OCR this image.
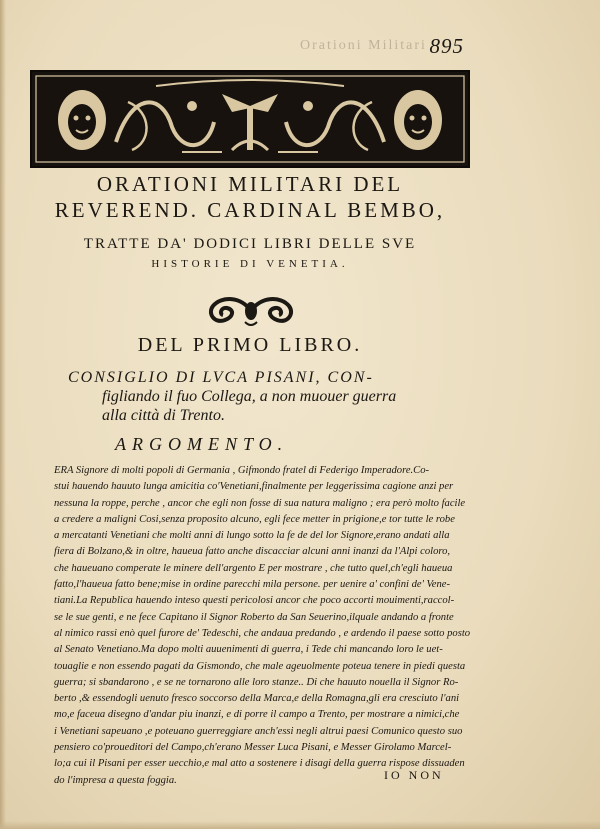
Orationi Militari 895
ORATIONI MILITARI DEL
REVEREND. CARDINAL BEMBO,
TRATTE DA' DODICI LIBRI DELLE SVE
HISTORIE DI VENETIA.
DEL PRIMO LIBRO.
CONSIGLIO DI LVCA PISANI, CON-
figliando il fuo Collega, a non muouer guerra
alla città di Trento.
ARGOMENTO.
ERA Signore di molti popoli di Germania , Gifmondo fratel di Federigo Imperadore.Co-
stui hauendo hauuto lunga amicitia co'Venetiani,finalmente per leggerissima cagione anzi per
nessuna la roppe, perche , ancor che egli non fosse di sua natura maligno ; era però molto facile
a credere a maligni Cosi,senza proposito alcuno, egli fece metter in prigione,e tor tutte le robe
a mercatanti Venetiani che molti anni di lungo sotto la fe de del lor Signore,erano andati alla
fiera di Bolzano,& in oltre, haueua fatto anche discacciar alcuni anni inanzi da l'Alpi coloro,
che haueuano comperate le minere dell'argento E per mostrare , che tutto quel,ch'egli haueua
fatto,l'haueua fatto bene;mise in ordine parecchi mila persone. per uenire a' confini de' Vene-
tiani.La Republica hauendo inteso questi pericolosi ancor che poco accorti mouimenti,raccol-
se le sue genti, e ne fece Capitano il Signor Roberto da San Seuerino,ilquale andando a fronte
al nimico rassi enò quel furore de' Tedeschi, che andaua predando , e ardendo il paese sotto posto
al Senato Venetiano.Ma dopo molti auuenimenti di guerra, i Tede chi mancando loro le uet-
touaglie e non essendo pagati da Gismondo, che male ageuolmente poteua tenere in piedi questa
guerra; si sbandarono , e se ne tornarono alle loro stanze.. Di che hauuto nouella il Signor Ro-
berto ,& essendogli uenuto fresco soccorso della Marca,e della Romagna,gli era cresciuto l'ani
mo,e faceua disegno d'andar piu inanzi, e di porre il campo a Trento, per mostrare a nimici,che
i Venetiani sapeuano ,e poteuano guerreggiare anch'essi negli altrui paesi Comunico questo suo
pensiero co'proueditori del Campo,ch'erano Messer Luca Pisani, e Messer Girolamo Marcel-
lo;a cui il Pisani per esser uecchio,e mal atto a sostenere i disagi della guerra rispose dissuaden
do l'impresa a questa foggia.	IO NON
